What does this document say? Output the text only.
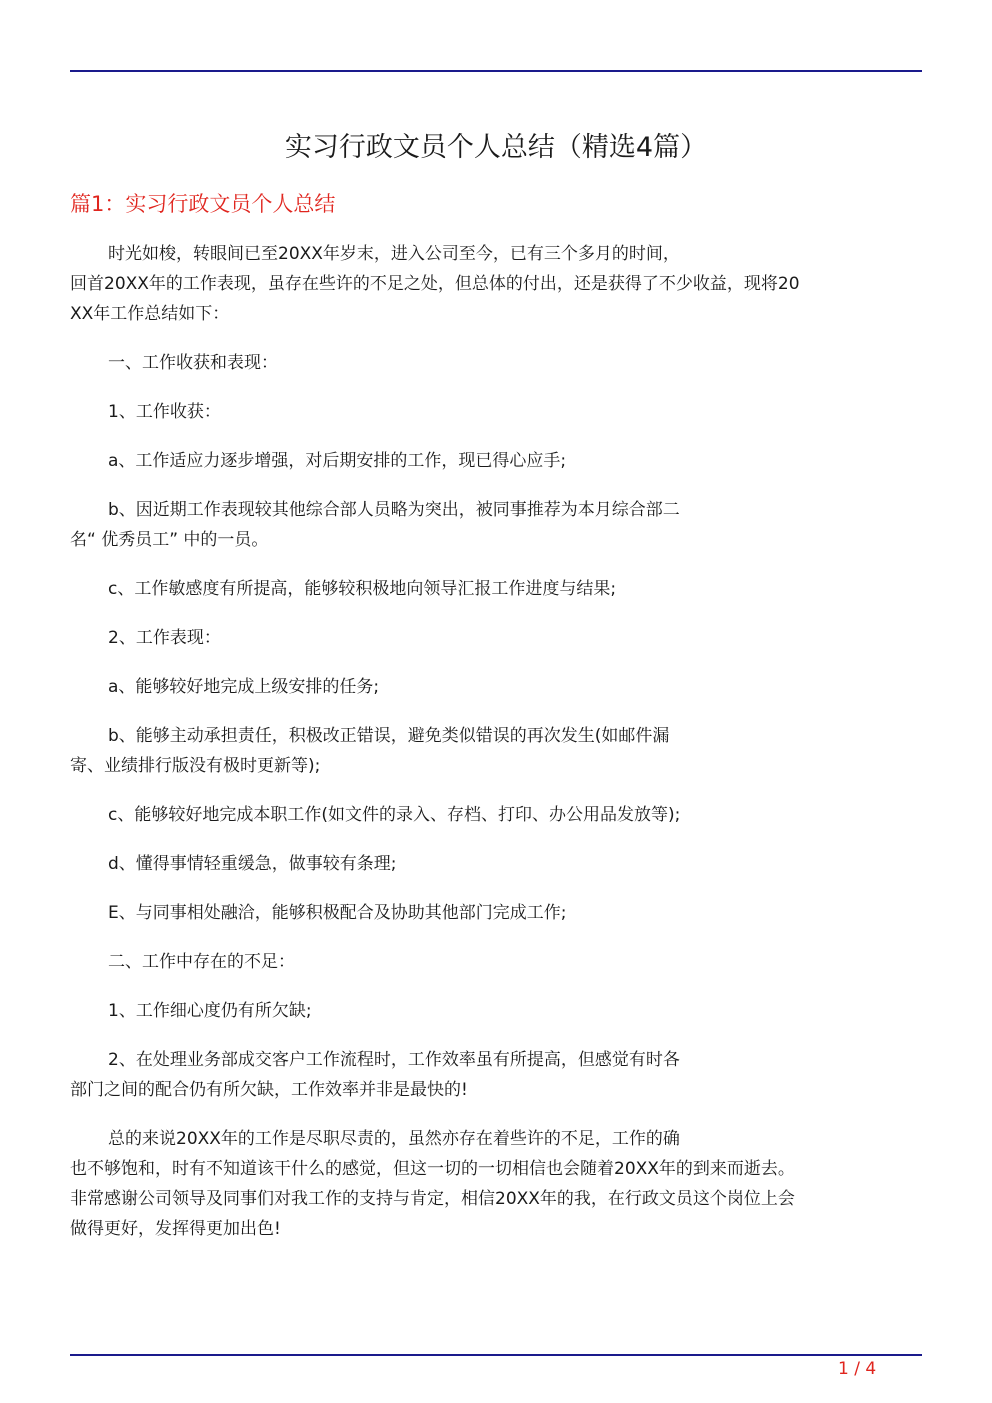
实习行政文员个人总结（精选4篇）
篇1：实习行政文员个人总结

时光如梭，转眼间已至20XX年岁末，进入公司至今，已有三个多月的时间，
回首20XX年的工作表现，虽存在些许的不足之处，但总体的付出，还是获得了不少收益，现将20
XX年工作总结如下：

一、工作收获和表现：

1、工作收获：

a、工作适应力逐步增强，对后期安排的工作，现已得心应手;

b、因近期工作表现较其他综合部人员略为突出，被同事推荐为本月综合部二
名“ 优秀员工” 中的一员。

c、工作敏感度有所提高，能够较积极地向领导汇报工作进度与结果;

2、工作表现：

a、能够较好地完成上级安排的任务;

b、能够主动承担责任，积极改正错误，避免类似错误的再次发生(如邮件漏
寄、业绩排行版没有极时更新等);

c、能够较好地完成本职工作(如文件的录入、存档、打印、办公用品发放等);

d、懂得事情轻重缓急，做事较有条理;

E、与同事相处融洽，能够积极配合及协助其他部门完成工作;

二、工作中存在的不足：

1、工作细心度仍有所欠缺;

2、在处理业务部成交客户工作流程时，工作效率虽有所提高，但感觉有时各
部门之间的配合仍有所欠缺，工作效率并非是最快的!

总的来说20XX年的工作是尽职尽责的，虽然亦存在着些许的不足，工作的确
也不够饱和，时有不知道该干什么的感觉，但这一切的一切相信也会随着20XX年的到来而逝去。
非常感谢公司领导及同事们对我工作的支持与肯定，相信20XX年的我，在行政文员这个岗位上会
做得更好，发挥得更加出色!

1 / 4
